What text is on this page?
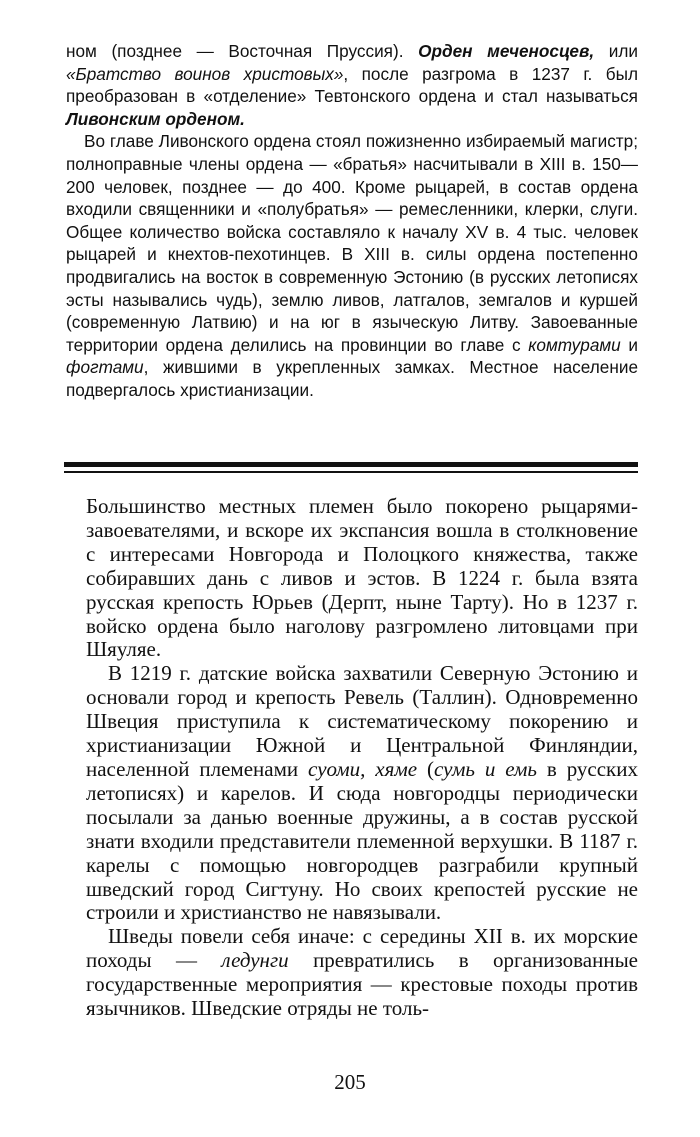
ном (позднее — Восточная Пруссия). Орден меченосцев, или «Братство воинов христовых», после разгрома в 1237 г. был преобразован в «отделение» Тевтонского ордена и стал называться Ливонским орденом.

Во главе Ливонского ордена стоял пожизненно избираемый магистр; полноправные члены ордена — «братья» насчитывали в XIII в. 150—200 человек, позднее — до 400. Кроме рыцарей, в состав ордена входили священники и «полубратья» — ремесленники, клерки, слуги. Общее количество войска составляло к началу XV в. 4 тыс. человек рыцарей и кнехтов-пехотинцев. В XIII в. силы ордена постепенно продвигались на восток в современную Эстонию (в русских летописях эсты назывались чудь), землю ливов, латгалов, земгалов и куршей (современную Латвию) и на юг в языческую Литву. Завоеванные территории ордена делились на провинции во главе с комтурами и фогтами, жившими в укрепленных замках. Местное население подвергалось христианизации.

Большинство местных племен было покорено рыцарями-завоевателями, и вскоре их экспансия вошла в столкновение с интересами Новгорода и Полоцкого княжества, также собиравших дань с ливов и эстов. В 1224 г. была взята русская крепость Юрьев (Дерпт, ныне Тарту). Но в 1237 г. войско ордена было наголову разгромлено литовцами при Шяуляе.

В 1219 г. датские войска захватили Северную Эстонию и основали город и крепость Ревель (Таллин). Одновременно Швеция приступила к систематическому покорению и христианизации Южной и Центральной Финляндии, населенной племенами суоми, хяме (сумь и емь в русских летописях) и карелов. И сюда новгородцы периодически посылали за данью военные дружины, а в состав русской знати входили представители племенной верхушки. В 1187 г. карелы с помощью новгородцев разграбили крупный шведский город Сигтуну. Но своих крепостей русские не строили и христианство не навязывали.

Шведы повели себя иначе: с середины XII в. их морские походы — ледунги превратились в организованные государственные мероприятия — крестовые походы против язычников. Шведские отряды не толь-

205
